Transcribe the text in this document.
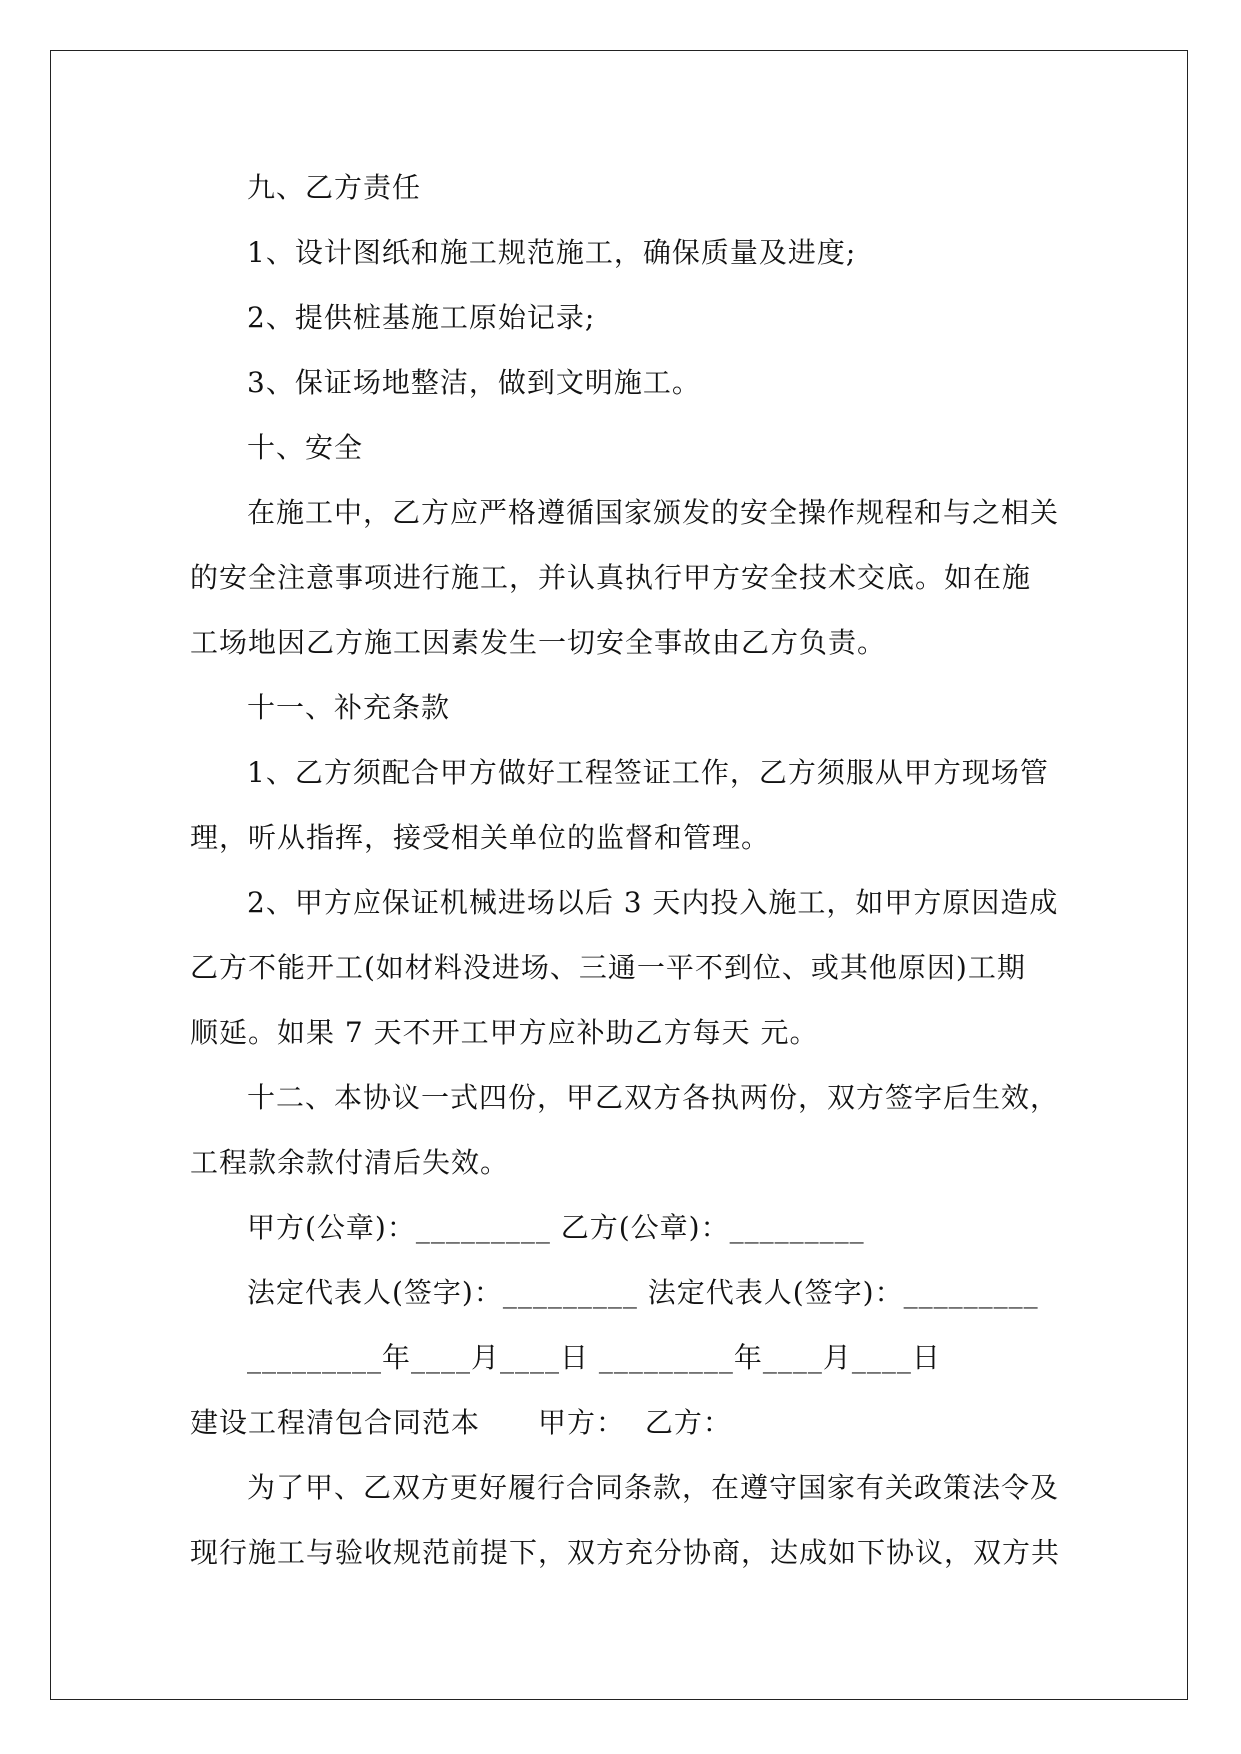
九、乙方责任
1、设计图纸和施工规范施工，确保质量及进度;
2、提供桩基施工原始记录;
3、保证场地整洁，做到文明施工。
十、安全
在施工中，乙方应严格遵循国家颁发的安全操作规程和与之相关
的安全注意事项进行施工，并认真执行甲方安全技术交底。如在施
工场地因乙方施工因素发生一切安全事故由乙方负责。
十一、补充条款
1、乙方须配合甲方做好工程签证工作，乙方须服从甲方现场管
理，听从指挥，接受相关单位的监督和管理。
2、甲方应保证机械进场以后 3 天内投入施工，如甲方原因造成
乙方不能开工(如材料没进场、三通一平不到位、或其他原因)工期
顺延。如果 7 天不开工甲方应补助乙方每天 元。
十二、本协议一式四份，甲乙双方各执两份，双方签字后生效，
工程款余款付清后失效。
甲方(公章)：_________ 乙方(公章)：_________
法定代表人(签字)：_________ 法定代表人(签字)：_________
_________年____月____日 _________年____月____日
建设工程清包合同范本 甲方： 乙方：
为了甲、乙双方更好履行合同条款，在遵守国家有关政策法令及
现行施工与验收规范前提下，双方充分协商，达成如下协议，双方共
